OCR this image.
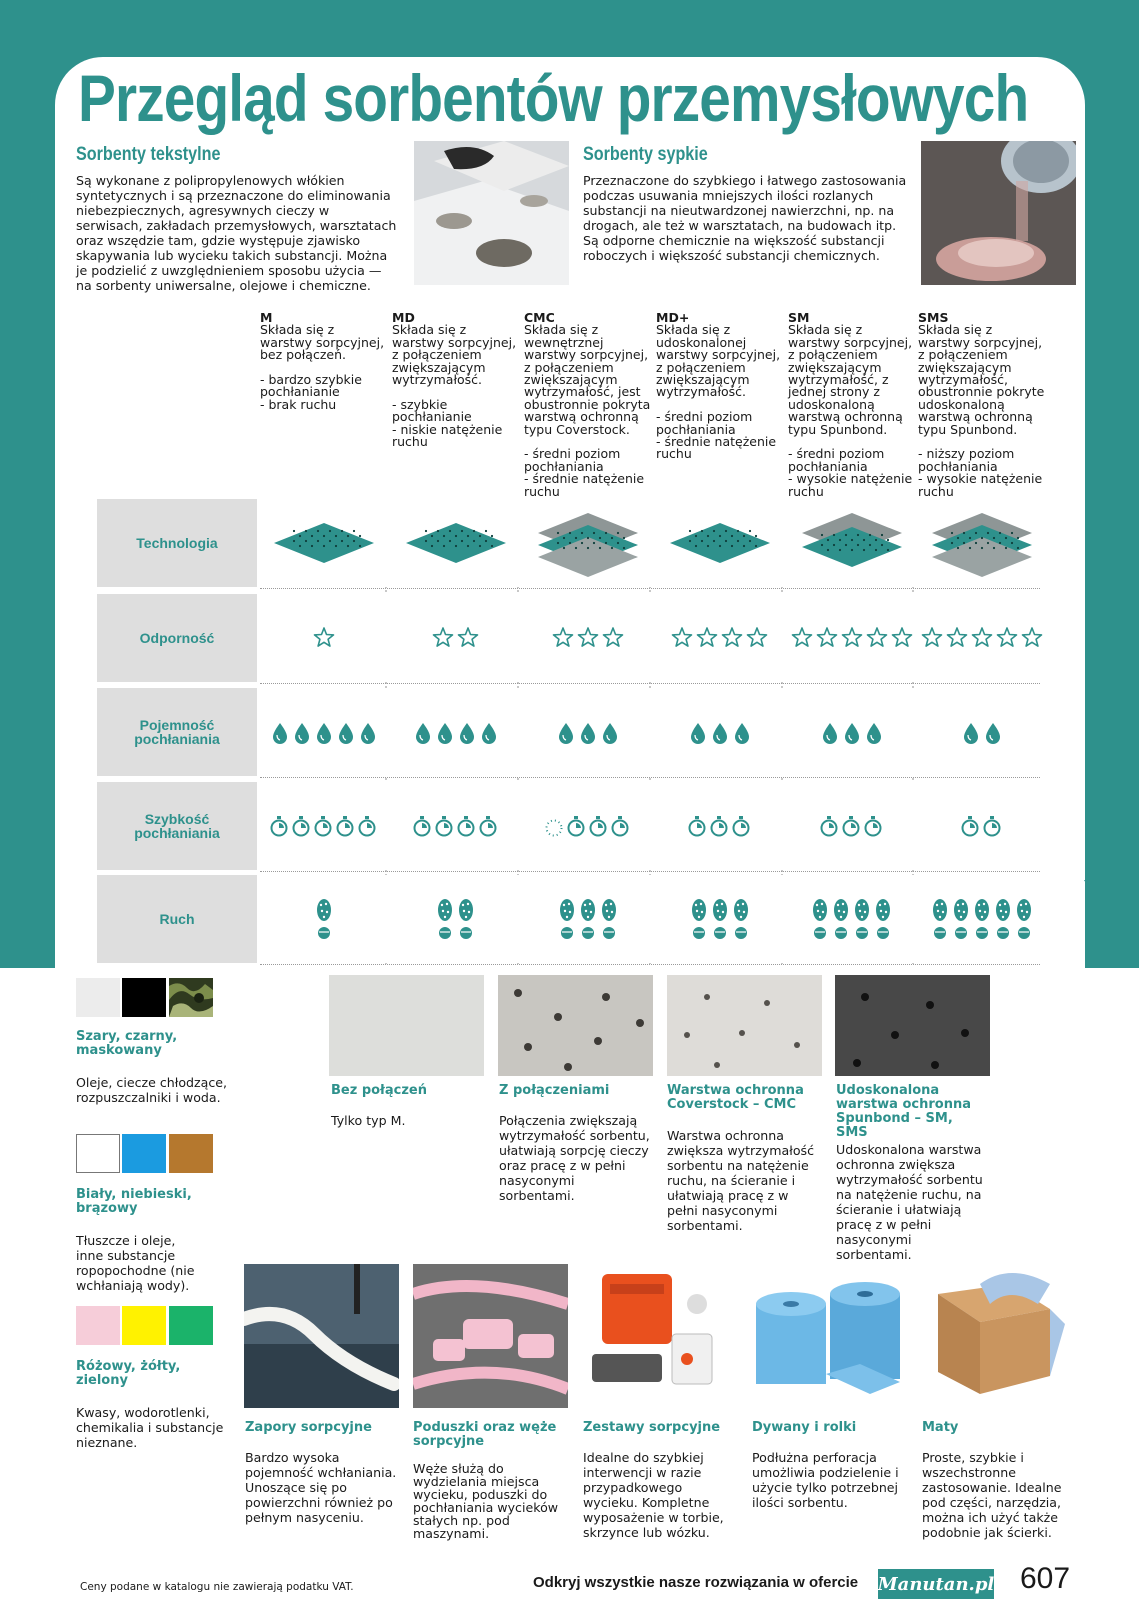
Przegląd sorbentów przemysłowych
Sorbenty tekstylne
Są wykonane z polipropylenowych włókien syntetycznych i są przeznaczone do eliminowania niebezpiecznych, agresywnych cieczy w serwisach, zakładach przemysłowych, warsztatach oraz wszędzie tam, gdzie występuje zjawisko skapywania lub wycieku takich substancji. Można je podzielić z uwzględnieniem sposobu użycia — na sorbenty uniwersalne, olejowe i chemiczne.
Sorbenty sypkie
Przeznaczone do szybkiego i łatwego zastosowania podczas usuwania mniejszych ilości rozlanych substancji na nieutwardzonej nawierzchni, np. na drogach, ale też w warsztatach, na budowach itp. Są odporne chemicznie na większość substancji roboczych i większość substancji chemicznych.
M
Składa się z warstwy sorpcyjnej, bez połączeń.

- bardzo szybkie pochłanianie
- brak ruchu
MD
Składa się z warstwy sorpcyjnej, z połączeniem zwiększającym wytrzymałość.

- szybkie pochłanianie
- niskie natężenie ruchu
CMC
Składa się z wewnętrznej warstwy sorpcyjnej, z połączeniem zwiększającym wytrzymałość, jest obustronnie pokryta warstwą ochronną typu Coverstock.

- średni poziom pochłaniania
- średnie natężenie ruchu
MD+
Składa się z udoskonalonej warstwy sorpcyjnej, z połączeniem zwiększającym wytrzymałość.

- średni poziom pochłaniania
- średnie natężenie ruchu
SM
Składa się z warstwy sorpcyjnej, z połączeniem zwiększającym wytrzymałość, z jednej strony z udoskonaloną warstwą ochronną typu Spunbond.

- średni poziom pochłaniania
- wysokie natężenie ruchu
SMS
Składa się z warstwy sorpcyjnej, z połączeniem zwiększającym wytrzymałość, obustronnie pokryte udoskonaloną warstwą ochronną typu Spunbond.

- niższy poziom pochłaniania
- wysokie natężenie ruchu
Technologia
Odporność
Pojemność
pochłaniania
Szybkość
pochłaniania
Ruch
Szary, czarny, maskowany
Oleje, ciecze chłodzące, rozpuszczalniki i woda.
Biały, niebieski, brązowy
Tłuszcze i oleje, inne substancje ropopochodne (nie wchłaniają wody).
Różowy, żółty, zielony
Kwasy, wodorotlenki, chemikalia i substancje nieznane.
Bez połączeń
Tylko typ M.
Z połączeniami
Połączenia zwiększają wytrzymałość sorbentu, ułatwiają sorpcję cieczy oraz pracę z w pełni nasyconymi sorbentami.
Warstwa ochronna Coverstock – CMC
Warstwa ochronna zwiększa wytrzymałość sorbentu na natężenie ruchu, na ścieranie i ułatwiają pracę z w pełni nasyconymi sorbentami.
Udoskonalona warstwa ochronna Spunbond – SM, SMS
Udoskonalona warstwa ochronna zwiększa wytrzymałość sorbentu na natężenie ruchu, na ścieranie i ułatwiają pracę z w pełni nasyconymi sorbentami.
Zapory sorpcyjne
Bardzo wysoka pojemność wchłaniania. Unoszące się po powierzchni również po pełnym nasyceniu.
Poduszki oraz węże sorpcyjne
Węże służą do wydzielania miejsca wycieku, poduszki do pochłaniania wycieków stałych np. pod maszynami.
Zestawy sorpcyjne
Idealne do szybkiej interwencji w razie przypadkowego wycieku. Kompletne wyposażenie w torbie, skrzynce lub wózku.
Dywany i rolki
Podłużna perforacja umożliwia podzielenie i użycie tylko potrzebnej ilości sorbentu.
Maty
Proste, szybkie i wszechstronne zastosowanie. Idealne pod części, narzędzia, można ich użyć także podobnie jak ścierki.
Ceny podane w katalogu nie zawierają podatku VAT.	Odkryj wszystkie nasze rozwiązania w ofercie Manutan.pl 607
